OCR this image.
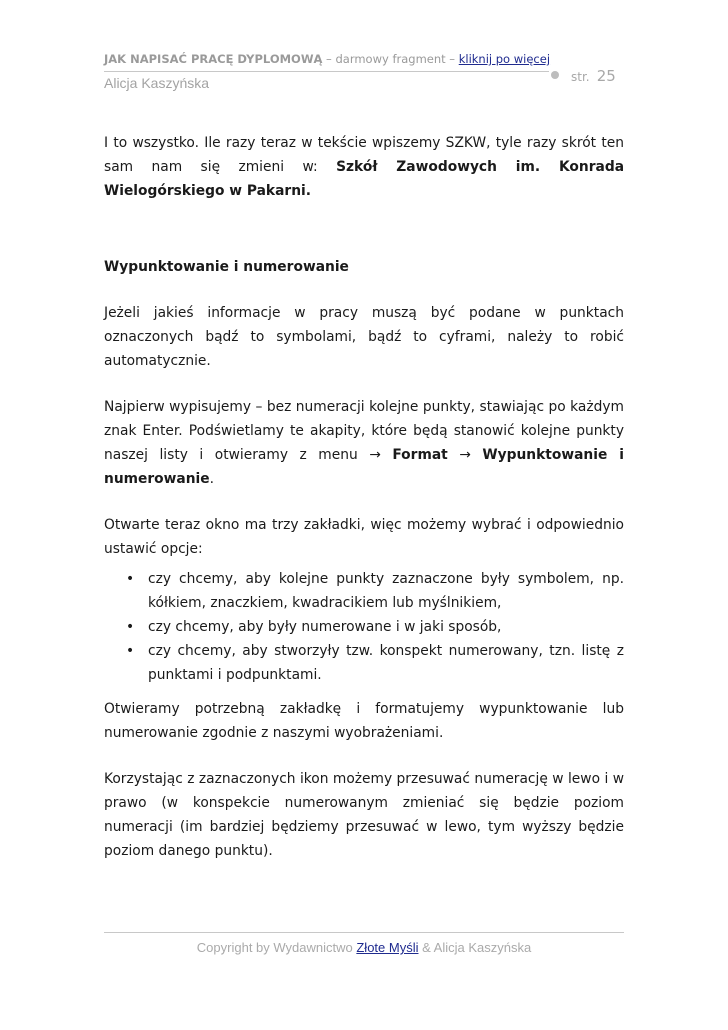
JAK NAPISAĆ PRACĘ DYPLOMOWĄ – darmowy fragment – kliknij po więcej
Alicja Kaszyńska	str. 25

I to wszystko. Ile razy teraz w tekście wpiszemy SZKW, tyle razy skrót ten sam nam się zmieni w: Szkół Zawodowych im. Konrada Wielogórskiego w Pakarni.

Wypunktowanie i numerowanie

Jeżeli jakieś informacje w pracy muszą być podane w punktach oznaczonych bądź to symbolami, bądź to cyframi, należy to robić automatycznie.

Najpierw wypisujemy – bez numeracji kolejne punkty, stawiając po każdym znak Enter. Podświetlamy te akapity, które będą stanowić kolejne punkty naszej listy i otwieramy z menu → Format → Wypunktowanie i numerowanie.

Otwarte teraz okno ma trzy zakładki, więc możemy wybrać i odpowiednio ustawić opcje:

• czy chcemy, aby kolejne punkty zaznaczone były symbolem, np. kółkiem, znaczkiem, kwadracikiem lub myślnikiem,
• czy chcemy, aby były numerowane i w jaki sposób,
• czy chcemy, aby stworzyły tzw. konspekt numerowany, tzn. listę z punktami i podpunktami.

Otwieramy potrzebną zakładkę i formatujemy wypunktowanie lub numerowanie zgodnie z naszymi wyobrażeniami.

Korzystając z zaznaczonych ikon możemy przesuwać numerację w lewo i w prawo (w konspekcie numerowanym zmieniać się będzie poziom numeracji (im bardziej będziemy przesuwać w lewo, tym wyższy będzie poziom danego punktu).

Copyright by Wydawnictwo Złote Myśli & Alicja Kaszyńska
